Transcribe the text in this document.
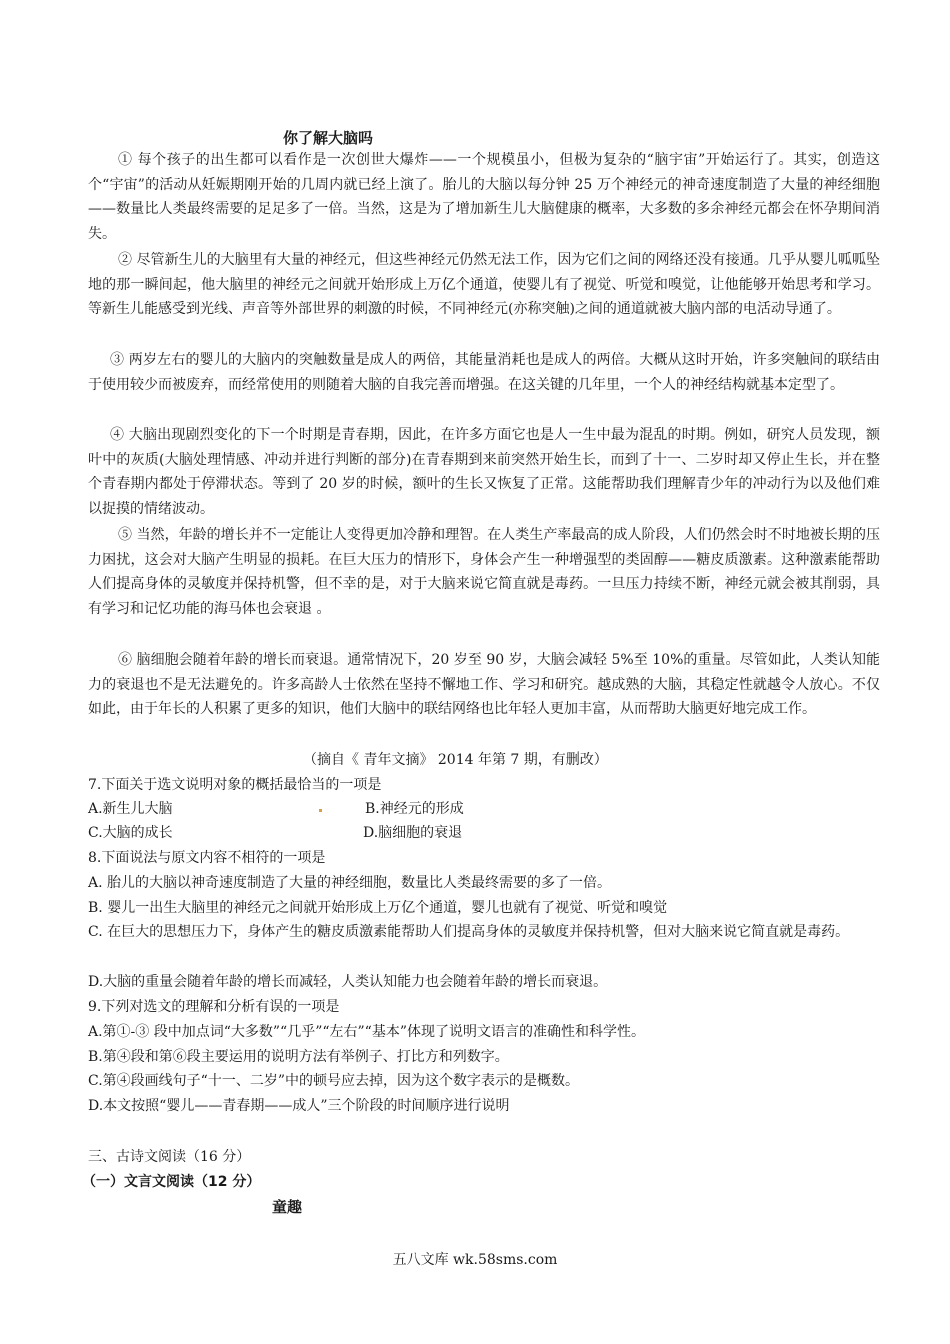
你了解大脑吗

① 每个孩子的出生都可以看作是一次创世大爆炸——一个规模虽小，但极为复杂的“脑宇宙”开始运行了。其实，创造这个“宇宙”的活动从妊娠期刚开始的几周内就已经上演了。胎儿的大脑以每分钟 25 万个神经元的神奇速度制造了大量的神经细胞——数量比人类最终需要的足足多了一倍。当然，这是为了增加新生儿大脑健康的概率，大多数的多余神经元都会在怀孕期间消失。

② 尽管新生儿的大脑里有大量的神经元，但这些神经元仍然无法工作，因为它们之间的网络还没有接通。几乎从婴儿呱呱坠地的那一瞬间起，他大脑里的神经元之间就开始形成上万亿个通道，使婴儿有了视觉、听觉和嗅觉，让他能够开始思考和学习。等新生儿能感受到光线、声音等外部世界的刺激的时候，不同神经元(亦称突触)之间的通道就被大脑内部的电活动导通了。

③ 两岁左右的婴儿的大脑内的突触数量是成人的两倍，其能量消耗也是成人的两倍。大概从这时开始，许多突触间的联结由于使用较少而被废弃，而经常使用的则随着大脑的自我完善而增强。在这关键的几年里，一个人的神经结构就基本定型了。

④ 大脑出现剧烈变化的下一个时期是青春期，因此，在许多方面它也是人一生中最为混乱的时期。例如，研究人员发现，额叶中的灰质(大脑处理情感、冲动并进行判断的部分)在青春期到来前突然开始生长，而到了十一、二岁时却又停止生长，并在整个青春期内都处于停滞状态。等到了 20 岁的时候，额叶的生长又恢复了正常。这能帮助我们理解青少年的冲动行为以及他们难以捉摸的情绪波动。

⑤ 当然，年龄的增长并不一定能让人变得更加冷静和理智。在人类生产率最高的成人阶段，人们仍然会时不时地被长期的压力困扰，这会对大脑产生明显的损耗。在巨大压力的情形下，身体会产生一种增强型的类固醇——糖皮质激素。这种激素能帮助人们提高身体的灵敏度并保持机警，但不幸的是，对于大脑来说它简直就是毒药。一旦压力持续不断，神经元就会被其削弱，具有学习和记忆功能的海马体也会衰退 。

⑥ 脑细胞会随着年龄的增长而衰退。通常情况下，20 岁至 90 岁，大脑会减轻 5%至 10%的重量。尽管如此，人类认知能力的衰退也不是无法避免的。许多高龄人士依然在坚持不懈地工作、学习和研究。越成熟的大脑，其稳定性就越令人放心。不仅如此，由于年长的人积累了更多的知识，他们大脑中的联结网络也比年轻人更加丰富，从而帮助大脑更好地完成工作。

（摘自《 青年文摘》 2014 年第 7 期，有删改）
7.下面关于选文说明对象的概括最恰当的一项是
A.新生儿大脑	B.神经元的形成
C.大脑的成长	D.脑细胞的衰退
8.下面说法与原文内容不相符的一项是
A. 胎儿的大脑以神奇速度制造了大量的神经细胞，数量比人类最终需要的多了一倍。
B. 婴儿一出生大脑里的神经元之间就开始形成上万亿个通道，婴儿也就有了视觉、听觉和嗅觉

C. 在巨大的思想压力下，身体产生的糖皮质激素能帮助人们提高身体的灵敏度并保持机警，但对大脑来说它简直就是毒药。

D.大脑的重量会随着年龄的增长而减轻，人类认知能力也会随着年龄的增长而衰退。
9.下列对选文的理解和分析有误的一项是
A.第①-③ 段中加点词“大多数”“几乎”“左右”“基本”体现了说明文语言的准确性和科学性。
B.第④段和第⑥段主要运用的说明方法有举例子、打比方和列数字。
C.第④段画线句子“十一、二岁”中的顿号应去掉，因为这个数字表示的是概数。
D.本文按照“婴儿——青春期——成人”三个阶段的时间顺序进行说明
三、古诗文阅读（16 分）
（一）文言文阅读（12 分）
童趣
五八文库 wk.58sms.com
